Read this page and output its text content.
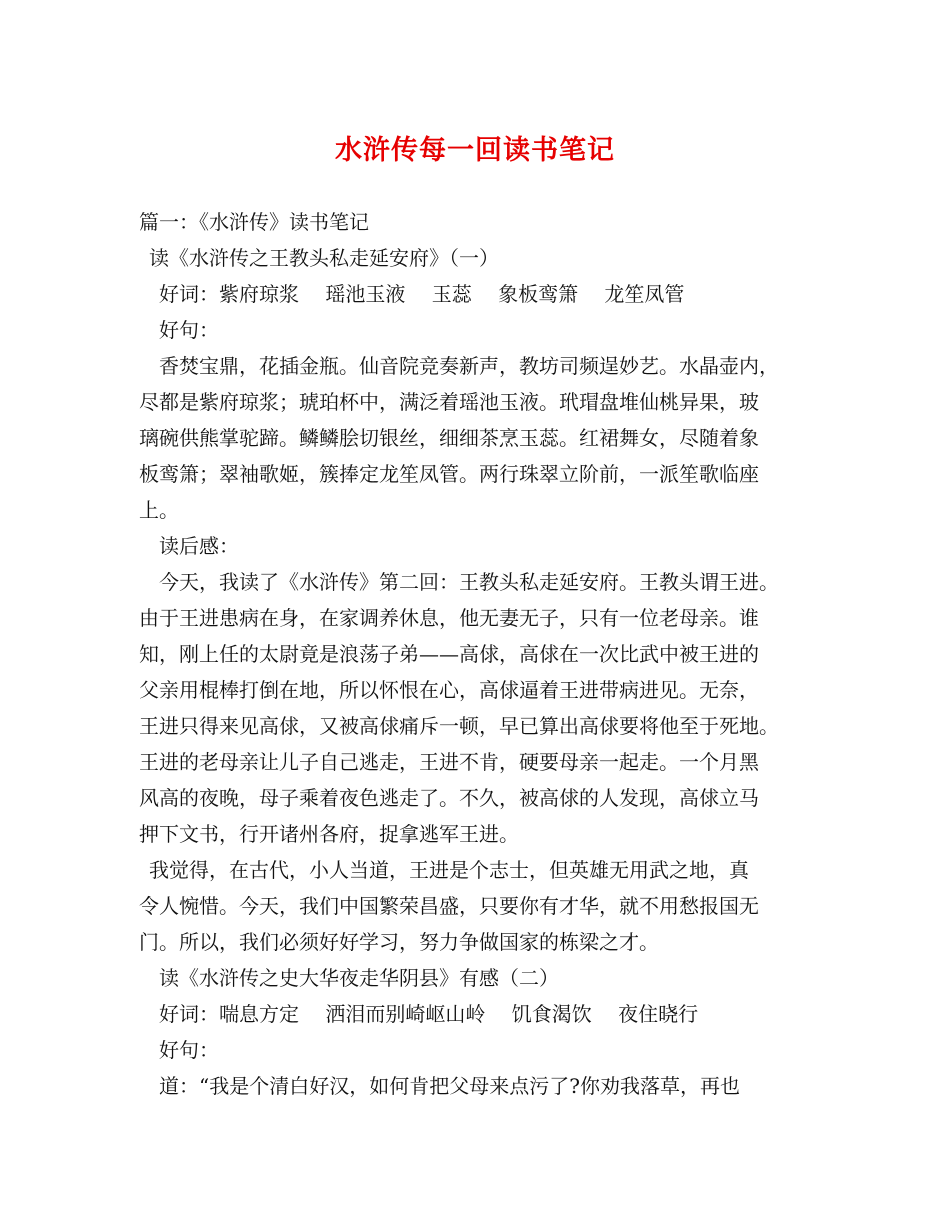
水浒传每一回读书笔记
篇一：《水浒传》读书笔记
读《水浒传之王教头私走延安府》（一）
好词：紫府琼浆　 瑶池玉液　 玉蕊　 象板鸾箫　 龙笙凤管
好句：
香焚宝鼎，花插金瓶。仙音院竞奏新声，教坊司频逞妙艺。水晶壶内，
尽都是紫府琼浆；琥珀杯中，满泛着瑶池玉液。玳瑁盘堆仙桃异果，玻
璃碗供熊掌驼蹄。鳞鳞脍切银丝，细细茶烹玉蕊。红裙舞女，尽随着象
板鸾箫；翠袖歌姬，簇捧定龙笙凤管。两行珠翠立阶前，一派笙歌临座
上。
读后感：
今天，我读了《水浒传》第二回：王教头私走延安府。王教头谓王进。
由于王进患病在身，在家调养休息，他无妻无子，只有一位老母亲。谁
知，刚上任的太尉竟是浪荡子弟——高俅，高俅在一次比武中被王进的
父亲用棍棒打倒在地，所以怀恨在心，高俅逼着王进带病进见。无奈，
王进只得来见高俅，又被高俅痛斥一顿，早已算出高俅要将他至于死地。
王进的老母亲让儿子自己逃走，王进不肯，硬要母亲一起走。一个月黑
风高的夜晚，母子乘着夜色逃走了。不久，被高俅的人发现，高俅立马
押下文书，行开诸州各府，捉拿逃军王进。
我觉得，在古代，小人当道，王进是个志士，但英雄无用武之地，真
令人惋惜。今天，我们中国繁荣昌盛，只要你有才华，就不用愁报国无
门。所以，我们必须好好学习，努力争做国家的栋梁之才。
读《水浒传之史大华夜走华阴县》有感（二）
好词：喘息方定　 洒泪而别崎岖山岭　 饥食渴饮　 夜住晓行
好句：
道：“我是个清白好汉，如何肯把父母来点污了?你劝我落草，再也
